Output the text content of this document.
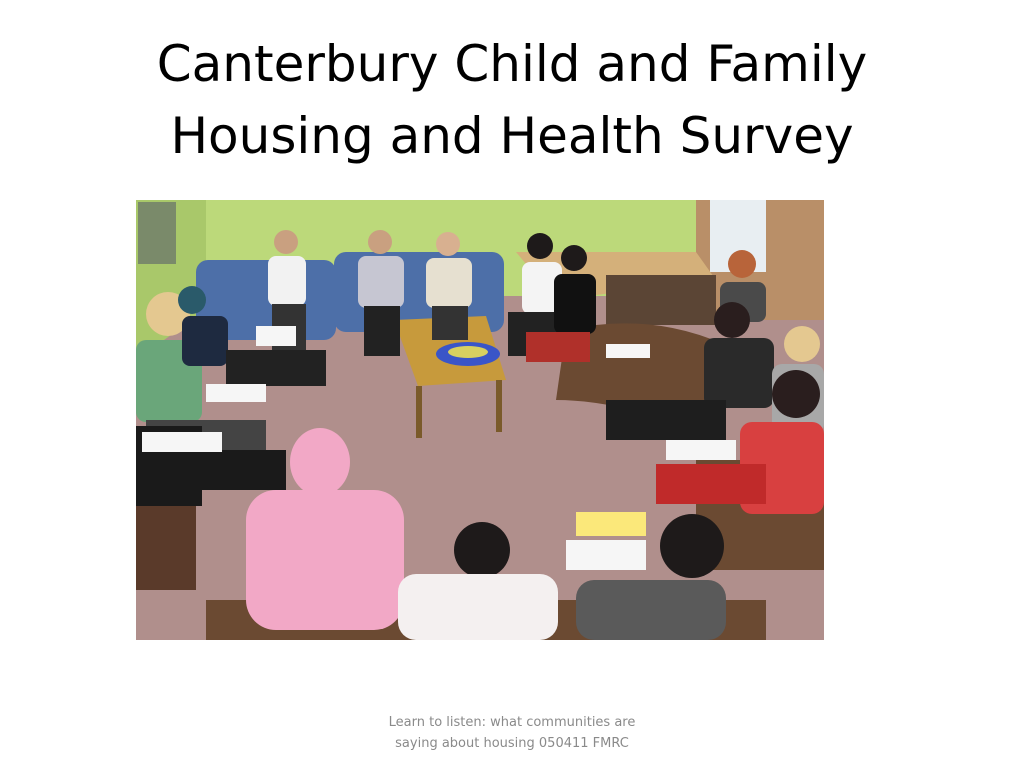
Canterbury Child and Family
Housing and Health Survey
Learn to listen: what communities are
saying about housing 050411 FMRC
